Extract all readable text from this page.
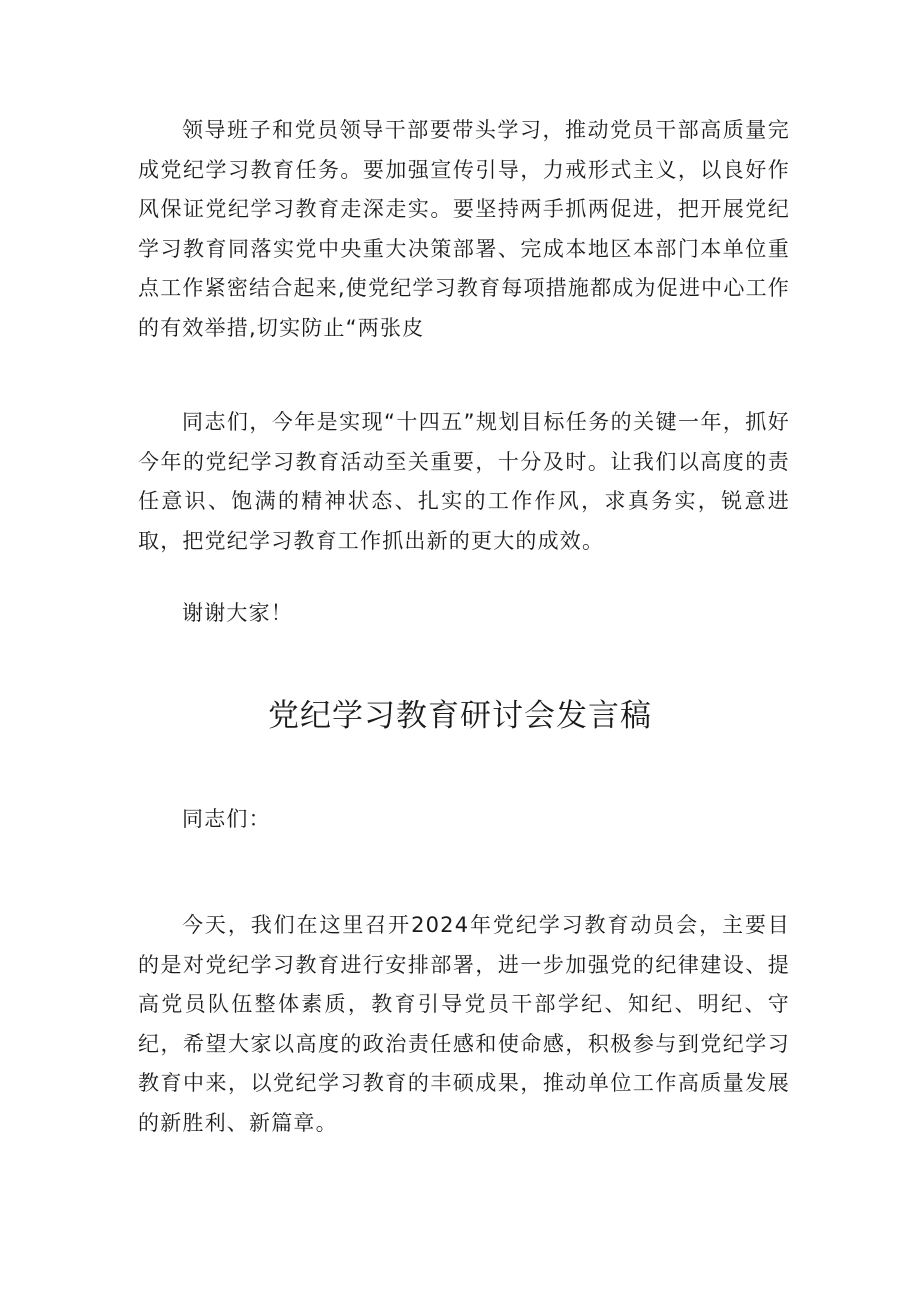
领导班子和党员领导干部要带头学习，推动党员干部高质量完成党纪学习教育任务。要加强宣传引导，力戒形式主义，以良好作风保证党纪学习教育走深走实。要坚持两手抓两促进，把开展党纪学习教育同落实党中央重大决策部署、完成本地区本部门本单位重点工作紧密结合起来,使党纪学习教育每项措施都成为促进中心工作的有效举措,切实防止“两张皮

同志们，今年是实现“十四五”规划目标任务的关键一年，抓好今年的党纪学习教育活动至关重要，十分及时。让我们以高度的责任意识、饱满的精神状态、扎实的工作作风，求真务实，锐意进取，把党纪学习教育工作抓出新的更大的成效。

谢谢大家！

党纪学习教育研讨会发言稿

同志们：

今天，我们在这里召开2024年党纪学习教育动员会，主要目的是对党纪学习教育进行安排部署，进一步加强党的纪律建设、提高党员队伍整体素质，教育引导党员干部学纪、知纪、明纪、守纪，希望大家以高度的政治责任感和使命感，积极参与到党纪学习教育中来，以党纪学习教育的丰硕成果，推动单位工作高质量发展的新胜利、新篇章。
